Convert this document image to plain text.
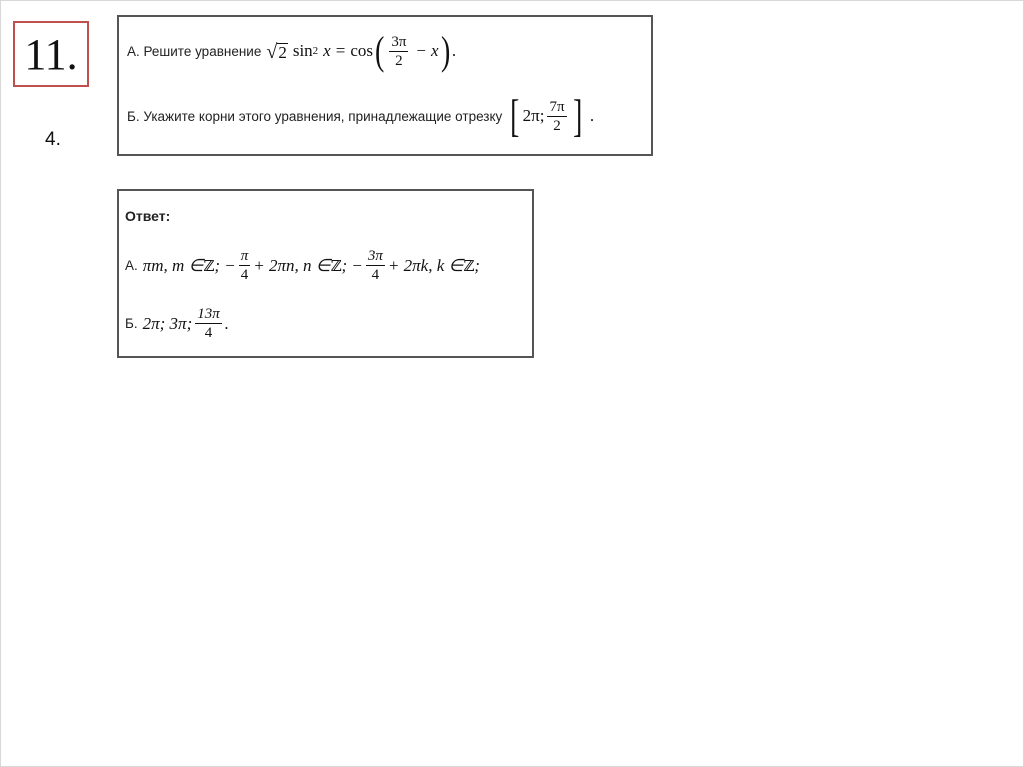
11.
4.
А. Решите уравнение √ 2 sin 2 x = cos ( $\frac{3\pi}{2} - x$ ) .
Б. Укажите корни этого уравнения, принадлежащие отрезку [ 2π; $\frac{7\pi}{2}$ ] .
Ответ:
А. πm, m ∈ ℤ ; − $\frac{\pi}{4} + 2\pi n$, n ∈ ℤ ; − $\frac{3\pi}{4} + 2\pi k$, k ∈ ℤ ;
Б. 2π; 3π; $\frac{13\pi}{4}$ .
